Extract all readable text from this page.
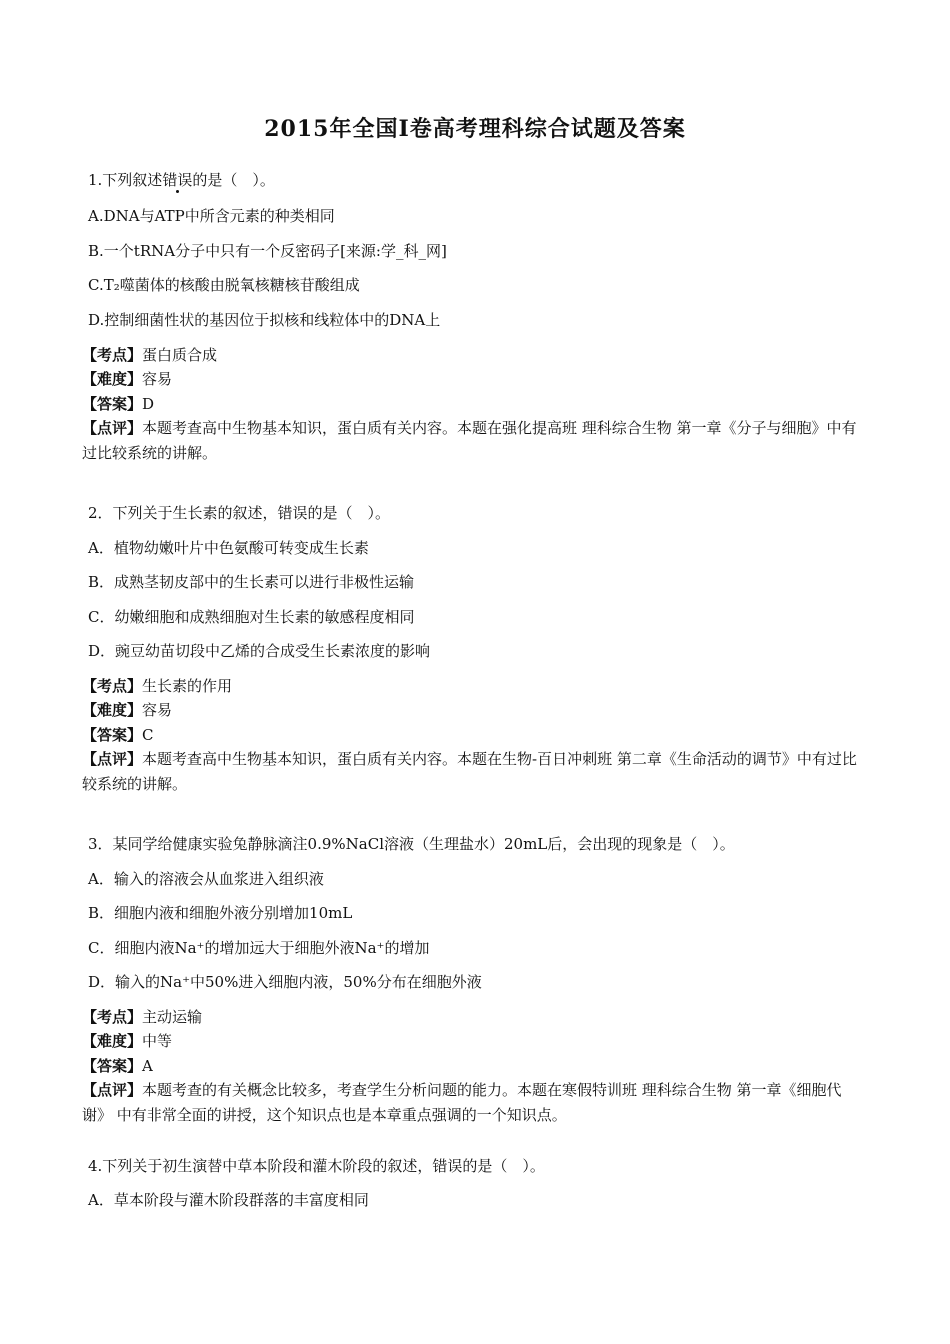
2015年全国Ⅰ卷高考理科综合试题及答案
1.下列叙述错误的是（　）。
A.DNA与ATP中所含元素的种类相同
B.一个tRNA分子中只有一个反密码子[来源:学_科_网]
C.T₂噬菌体的核酸由脱氧核糖核苷酸组成
D.控制细菌性状的基因位于拟核和线粒体中的DNA上
【考点】蛋白质合成
【难度】容易
【答案】D
【点评】本题考查高中生物基本知识，蛋白质有关内容。本题在强化提高班 理科综合生物 第一章《分子与细胞》中有过比较系统的讲解。
2．下列关于生长素的叙述，错误的是（　）。
A．植物幼嫩叶片中色氨酸可转变成生长素
B．成熟茎韧皮部中的生长素可以进行非极性运输
C．幼嫩细胞和成熟细胞对生长素的敏感程度相同
D．豌豆幼苗切段中乙烯的合成受生长素浓度的影响
【考点】生长素的作用
【难度】容易
【答案】C
【点评】本题考查高中生物基本知识，蛋白质有关内容。本题在生物-百日冲刺班 第二章《生命活动的调节》中有过比较系统的讲解。
3．某同学给健康实验兔静脉滴注0.9%NaCl溶液（生理盐水）20mL后，会出现的现象是（　）。
A．输入的溶液会从血浆进入组织液
B．细胞内液和细胞外液分别增加10mL
C．细胞内液Na⁺的增加远大于细胞外液Na⁺的增加
D．输入的Na⁺中50%进入细胞内液，50%分布在细胞外液
【考点】主动运输
【难度】中等
【答案】A
【点评】本题考查的有关概念比较多，考查学生分析问题的能力。本题在寒假特训班 理科综合生物 第一章《细胞代谢》 中有非常全面的讲授，这个知识点也是本章重点强调的一个知识点。
4.下列关于初生演替中草本阶段和灌木阶段的叙述，错误的是（　）。
A．草本阶段与灌木阶段群落的丰富度相同
